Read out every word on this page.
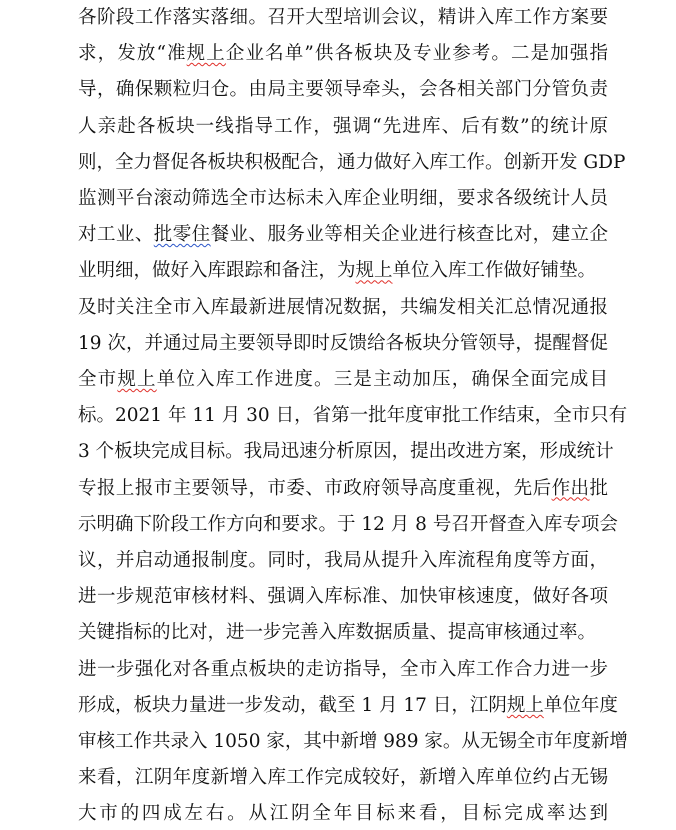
各阶段工作落实落细。召开大型培训会议，精讲入库工作方案要
求，发放“准规上企业名单”供各板块及专业参考。二是加强指
导，确保颗粒归仓。由局主要领导牵头，会各相关部门分管负责
人亲赴各板块一线指导工作，强调“先进库、后有数”的统计原
则，全力督促各板块积极配合，通力做好入库工作。创新开发 GDP
监测平台滚动筛选全市达标未入库企业明细，要求各级统计人员
对工业、批零住餐业、服务业等相关企业进行核查比对，建立企
业明细，做好入库跟踪和备注，为规上单位入库工作做好铺垫。
及时关注全市入库最新进展情况数据，共编发相关汇总情况通报
19 次，并通过局主要领导即时反馈给各板块分管领导，提醒督促
全市规上单位入库工作进度。三是主动加压，确保全面完成目
标。2021 年 11 月 30 日，省第一批年度审批工作结束，全市只有
3 个板块完成目标。我局迅速分析原因，提出改进方案，形成统计
专报上报市主要领导，市委、市政府领导高度重视，先后作出批
示明确下阶段工作方向和要求。于 12 月 8 号召开督查入库专项会
议，并启动通报制度。同时，我局从提升入库流程角度等方面，
进一步规范审核材料、强调入库标准、加快审核速度，做好各项
关键指标的比对，进一步完善入库数据质量、提高审核通过率。
进一步强化对各重点板块的走访指导，全市入库工作合力进一步
形成，板块力量进一步发动，截至 1 月 17 日，江阴规上单位年度
审核工作共录入 1050 家，其中新增 989 家。从无锡全市年度新增
来看，江阴年度新增入库工作完成较好，新增入库单位约占无锡
大市的四成左右。从江阴全年目标来看，目标完成率达到
